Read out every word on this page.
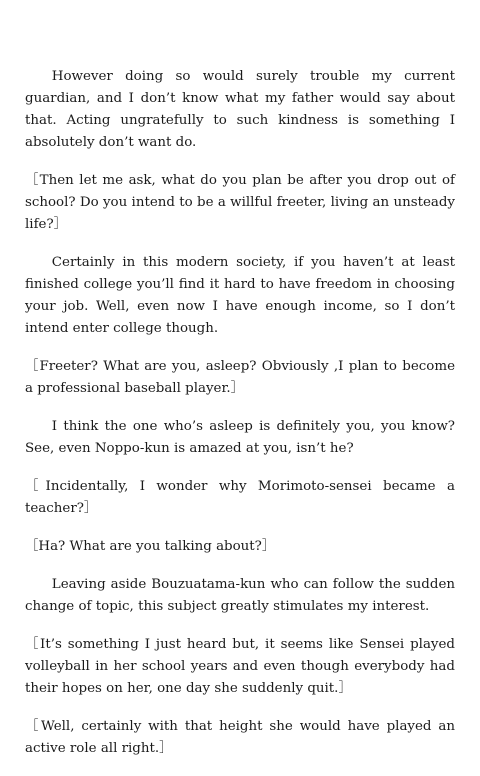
However doing so would surely trouble my current guardian, and I don’t know what my father would say about that. Acting ungratefully to such kindness is something I absolutely don’t want do.

［Then let me ask, what do you plan be after you drop out of school? Do you intend to be a willful freeter, living an unsteady life?］

Certainly in this modern society, if you haven’t at least finished college you’ll find it hard to have freedom in choosing your job. Well, even now I have enough income, so I don’t intend enter college though.

［Freeter? What are you, asleep? Obviously ,I plan to become a professional baseball player.］

I think the one who’s asleep is definitely you, you know? See, even Noppo-kun is amazed at you, isn’t he?

［Incidentally, I wonder why Morimoto-sensei became a teacher?］

［Ha? What are you talking about?］

Leaving aside Bouzuatama-kun who can follow the sudden change of topic, this subject greatly stimulates my interest.

［It’s something I just heard but, it seems like Sensei played volleyball in her school years and even though everybody had their hopes on her, one day she suddenly quit.］

［Well, certainly with that height she would have played an active role all right.］
